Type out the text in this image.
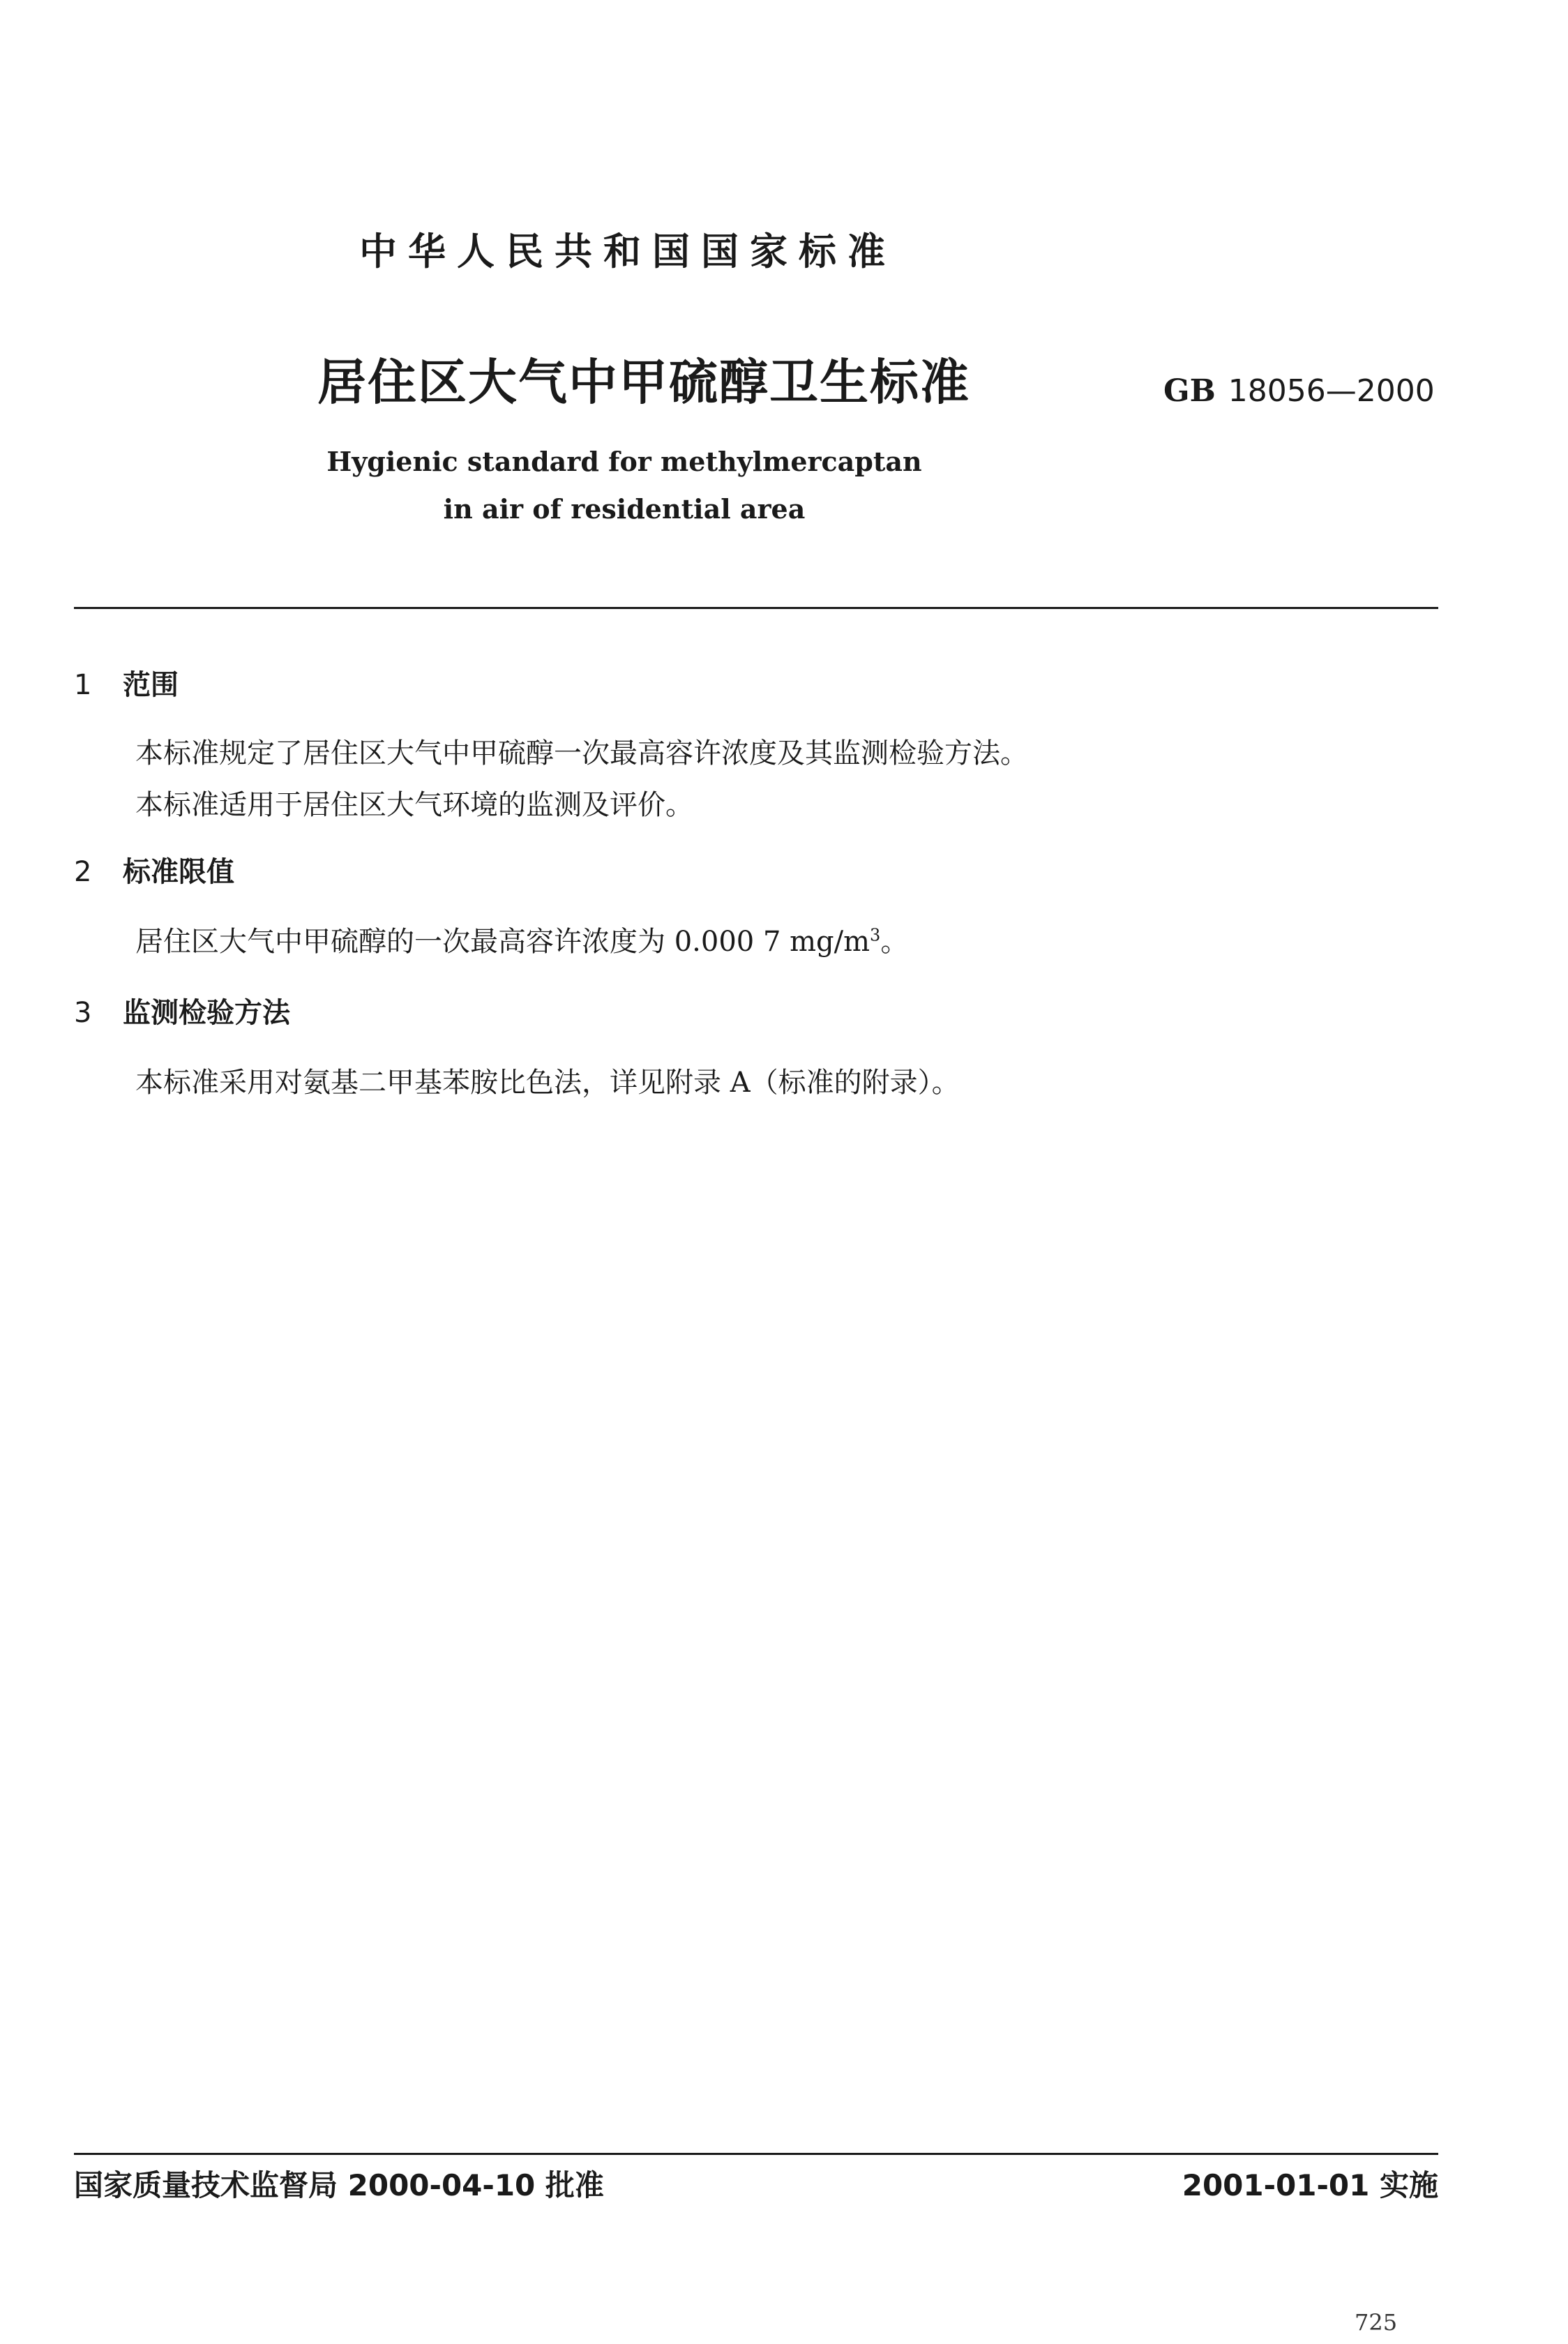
中华人民共和国国家标准
居住区大气中甲硫醇卫生标准	GB 18056—2000
Hygienic standard for methylmercaptan
in air of residential area
1 范围
本标准规定了居住区大气中甲硫醇一次最高容许浓度及其监测检验方法。
本标准适用于居住区大气环境的监测及评价。
2 标准限值
居住区大气中甲硫醇的一次最高容许浓度为 0.000 7 $mg/m^3$。
3 监测检验方法
本标准采用对氨基二甲基苯胺比色法，详见附录 A（标准的附录）。
国家质量技术监督局 2000-04-10 批准	2001-01-01 实施
725
